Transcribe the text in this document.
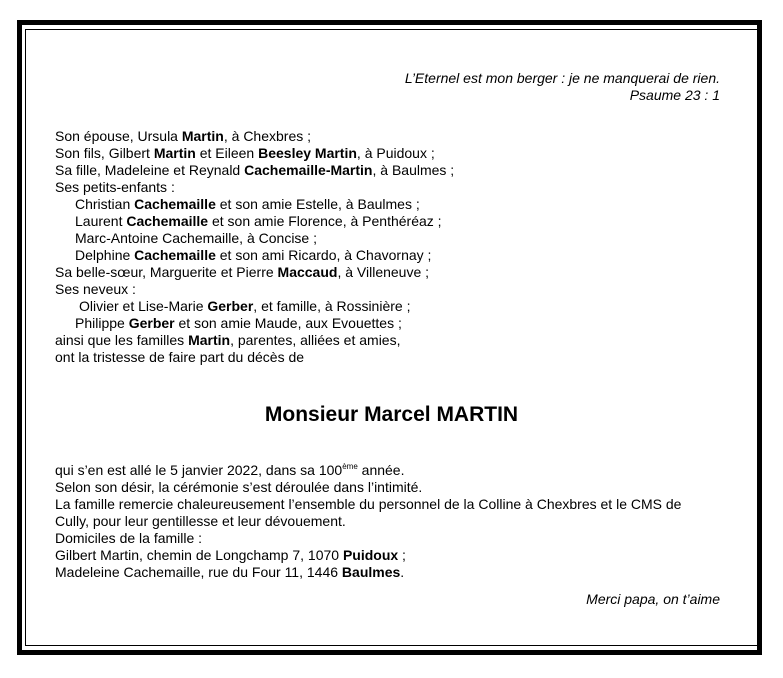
L’Eternel est mon berger : je ne manquerai de rien.
Psaume 23 : 1
Son épouse, Ursula Martin, à Chexbres ;
Son fils, Gilbert Martin et Eileen Beesley Martin, à Puidoux ;
Sa fille, Madeleine et Reynald Cachemaille-Martin, à Baulmes ;
Ses petits-enfants :
Christian Cachemaille et son amie Estelle, à Baulmes ;
Laurent Cachemaille et son amie Florence, à Penthéréaz ;
Marc-Antoine Cachemaille, à Concise ;
Delphine Cachemaille et son ami Ricardo, à Chavornay ;
Sa belle-sœur, Marguerite et Pierre Maccaud, à Villeneuve ;
Ses neveux :
Olivier et Lise-Marie Gerber, et famille, à Rossinière ;
Philippe Gerber et son amie Maude, aux Evouettes ;
ainsi que les familles Martin, parentes, alliées et amies,
ont la tristesse de faire part du décès de
Monsieur Marcel MARTIN
qui s’en est allé le 5 janvier 2022, dans sa 100ème année.
Selon son désir, la cérémonie s’est déroulée dans l’intimité.
La famille remercie chaleureusement l’ensemble du personnel de la Colline à Chexbres et le CMS de
Cully, pour leur gentillesse et leur dévouement.
Domiciles de la famille :
Gilbert Martin, chemin de Longchamp 7, 1070 Puidoux ;
Madeleine Cachemaille, rue du Four 11, 1446 Baulmes.
Merci papa, on t’aime
